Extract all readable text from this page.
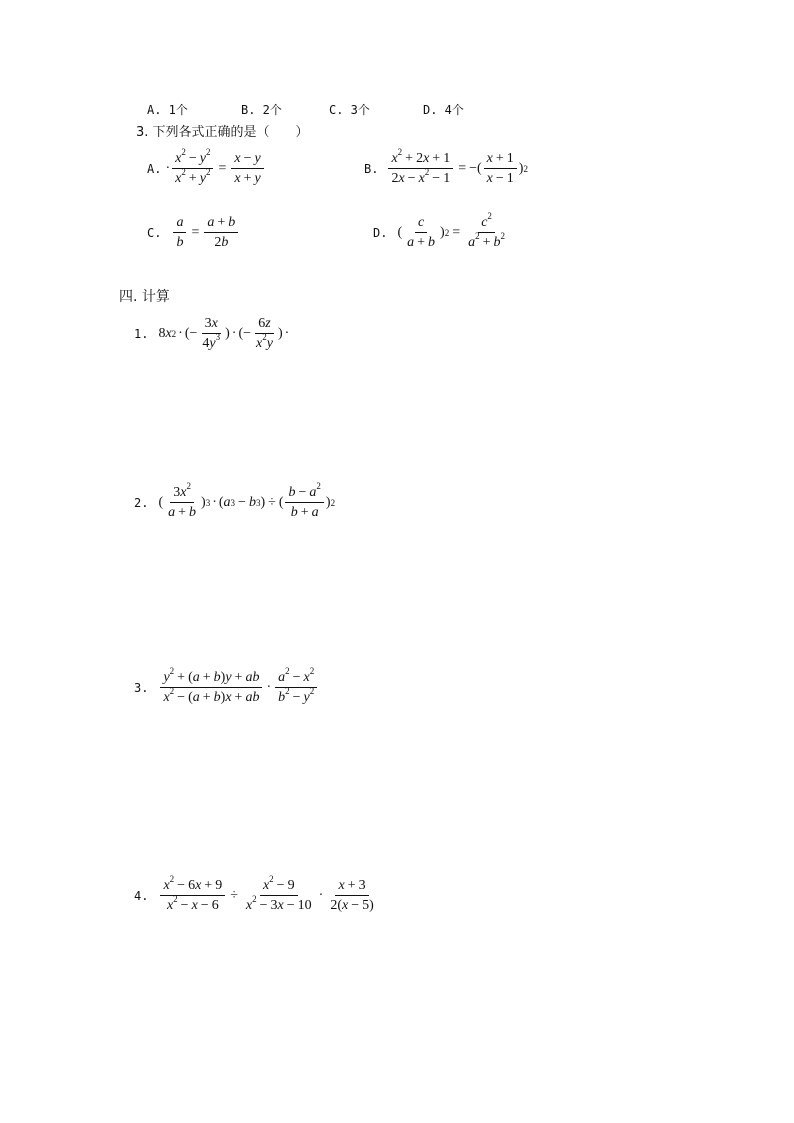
A. 1个	B. 2个	C. 3个	D. 4个
3. 下列各式正确的是（　　）
A. · $\frac{x^2 - y^2}{x^2 + y^2} = \frac{x - y}{x + y}$	B. $\frac{x^2 + 2x + 1}{2x - x^2 - 1}$ = −( $\frac{x + 1}{x - 1}$ ) 2
C. $\frac{a}{b} = \frac{a + b}{2b}$	D. ( $\frac{c}{a + b}$ ) $2 = \frac{c^2}{a^2 + b^2}$
四. 计算
1. 8 x 2 · (− $\frac{3x}{4y^3}$ ) · (− $\frac{6z}{x^2y}$ ) ·
2. ( $\frac{3x^2}{a + b}$ ) 3 · ( a 3 − b 3 ) ÷ ( $\frac{b - a^2}{b + a}$ ) 2
3. $\frac{y^2 + (a + b)y + ab}{x^2 - (a + b)x + ab} \cdot \frac{a^2 - x^2}{b^2 - y^2}$
4. $\frac{x^2 - 6x + 9}{x^2 - x - 6} \div \frac{x^2 - 9}{x^2 - 3x - 10} \cdot \frac{x + 3}{2(x - 5)}$
